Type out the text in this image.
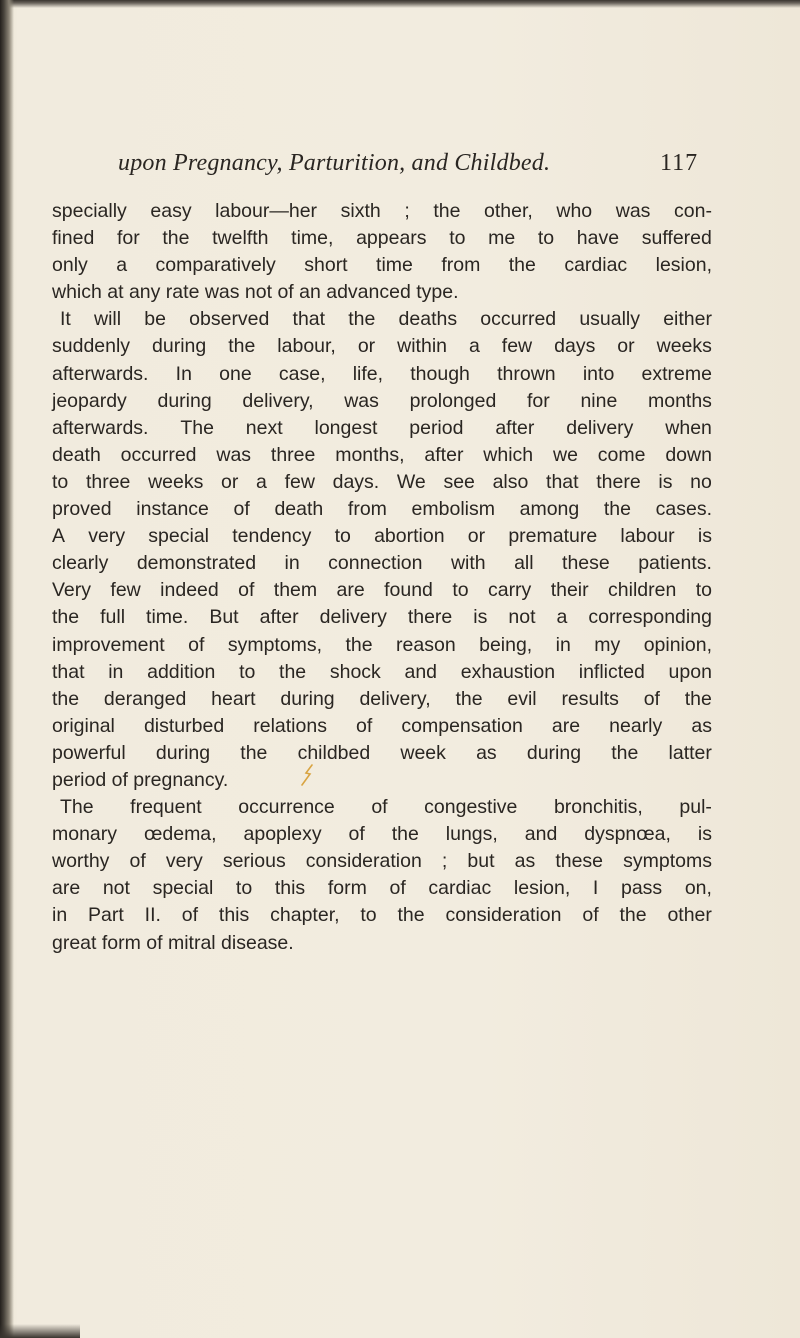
upon Pregnancy, Parturition, and Childbed.	117
specially easy labour—her sixth ; the other, who was con-
fined for the twelfth time, appears to me to have suffered
only a comparatively short time from the cardiac lesion,
which at any rate was not of an advanced type.
It will be observed that the deaths occurred usually either
suddenly during the labour, or within a few days or weeks
afterwards. In one case, life, though thrown into extreme
jeopardy during delivery, was prolonged for nine months
afterwards. The next longest period after delivery when
death occurred was three months, after which we come down
to three weeks or a few days. We see also that there is no
proved instance of death from embolism among the cases.
A very special tendency to abortion or premature labour is
clearly demonstrated in connection with all these patients.
Very few indeed of them are found to carry their children to
the full time. But after delivery there is not a corresponding
improvement of symptoms, the reason being, in my opinion,
that in addition to the shock and exhaustion inflicted upon
the deranged heart during delivery, the evil results of the
original disturbed relations of compensation are nearly as
powerful during the childbed week as during the latter
period of pregnancy.
The frequent occurrence of congestive bronchitis, pul-
monary œdema, apoplexy of the lungs, and dyspnœa, is
worthy of very serious consideration ; but as these symptoms
are not special to this form of cardiac lesion, I pass on,
in Part II. of this chapter, to the consideration of the other
great form of mitral disease.
